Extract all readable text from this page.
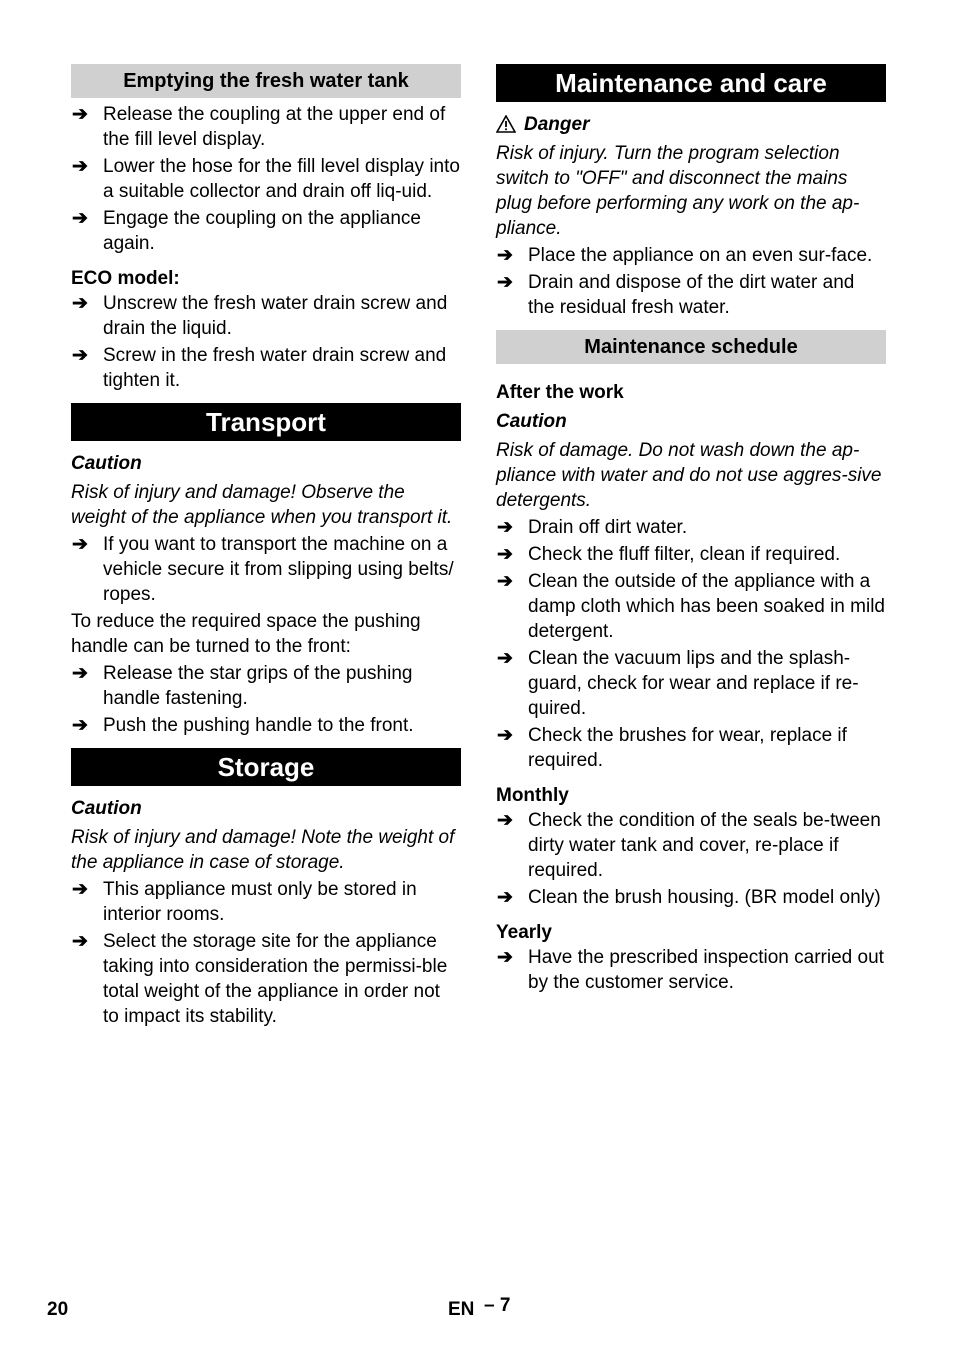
Emptying the fresh water tank
➔ Release the coupling at the upper end of the fill level display.
➔ Lower the hose for the fill level display into a suitable collector and drain off liq-uid.
➔ Engage the coupling on the appliance again.
ECO model:
➔ Unscrew the fresh water drain screw and drain the liquid.
➔ Screw in the fresh water drain screw and tighten it.
Transport
Caution
Risk of injury and damage! Observe the weight of the appliance when you transport it.
➔ If you want to transport the machine on a vehicle secure it from slipping using belts/ ropes.
To reduce the required space the pushing handle can be turned to the front:
➔ Release the star grips of the pushing handle fastening.
➔ Push the pushing handle to the front.
Storage
Caution
Risk of injury and damage! Note the weight of the appliance in case of storage.
➔ This appliance must only be stored in interior rooms.
➔ Select the storage site for the appliance taking into consideration the permissi-ble total weight of the appliance in order not to impact its stability.
Maintenance and care
Danger
Risk of injury. Turn the program selection switch to "OFF" and disconnect the mains plug before performing any work on the ap-pliance.
➔ Place the appliance on an even sur-face.
➔ Drain and dispose of the dirt water and the residual fresh water.
Maintenance schedule
After the work
Caution
Risk of damage. Do not wash down the ap-pliance with water and do not use aggres-sive detergents.
➔ Drain off dirt water.
➔ Check the fluff filter, clean if required.
➔ Clean the outside of the appliance with a damp cloth which has been soaked in mild detergent.
➔ Clean the vacuum lips and the splash-guard, check for wear and replace if re-quired.
➔ Check the brushes for wear, replace if required.
Monthly
➔ Check the condition of the seals be-tween dirty water tank and cover, re-place if required.
➔ Clean the brush housing. (BR model only)
Yearly
➔ Have the prescribed inspection carried out by the customer service.
20	EN – 7
